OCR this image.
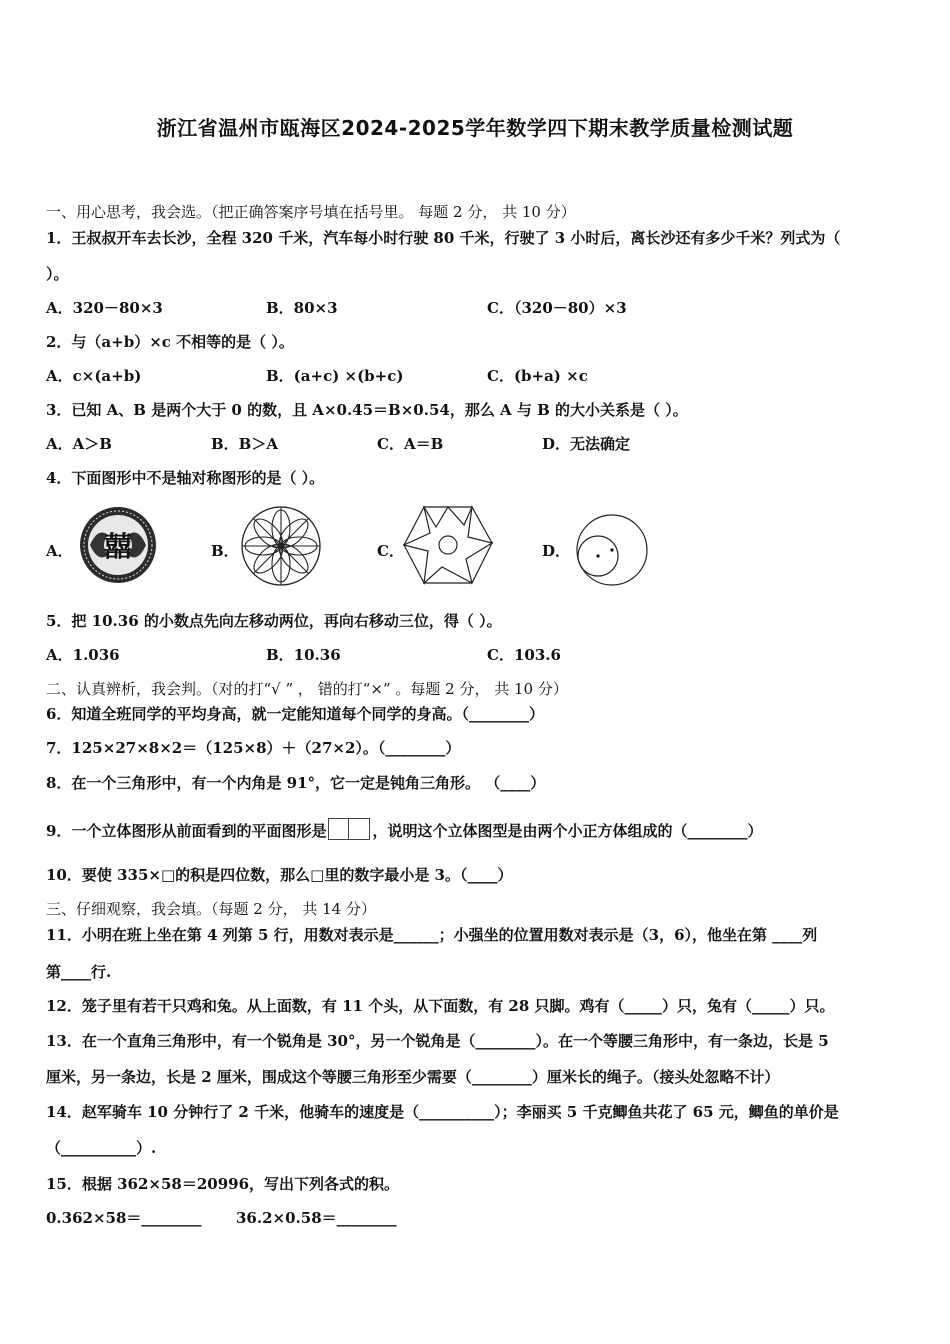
浙江省温州市瓯海区2024-2025学年数学四下期末教学质量检测试题
一、用心思考，我会选。（把正确答案序号填在括号里。 每题 2 分， 共 10 分）
1．王叔叔开车去长沙，全程 320 千米，汽车每小时行驶 80 千米，行驶了 3 小时后，离长沙还有多少千米？列式为（
）。
A．320－80×3	B．80×3	C．（320－80）×3
2．与（a+b）×c 不相等的是（ ）。
A．c×(a+b)	B．(a+c) ×(b+c)	C．(b+a) ×c
3．已知 A、B 是两个大于 0 的数，且 A×0.45＝B×0.54，那么 A 与 B 的大小关系是（ ）。
A．A＞B	B．B＞A	C．A＝B	D．无法确定
4．下面图形中不是轴对称图形的是（ ）。
A．	B．	C．	D．
囍
5．把 10.36 的小数点先向左移动两位，再向右移动三位，得（ ）。
A．1.036	B．10.36	C．103.6
二、认真辨析，我会判。（对的打“√ ” ， 错的打“×” 。每题 2 分， 共 10 分）
6．知道全班同学的平均身高，就一定能知道每个同学的身高。（________）
7．125×27×8×2＝（125×8）＋（27×2）。（________）
8．在一个三角形中，有一个内角是 91°，它一定是钝角三角形。 （____）
9．一个立体图形从前面看到的平面图形是	，说明这个立体图型是由两个小正方体组成的（________）
10．要使 335×□的积是四位数，那么□里的数字最小是 3。（____）
三、仔细观察，我会填。（每题 2 分， 共 14 分）
11．小明在班上坐在第 4 列第 5 行，用数对表示是______；小强坐的位置用数对表示是（3，6），他坐在第 ____列
第____行.
12．笼子里有若干只鸡和兔。从上面数，有 11 个头，从下面数，有 28 只脚。鸡有（_____）只，兔有（_____）只。
13．在一个直角三角形中，有一个锐角是 30°，另一个锐角是（________）。在一个等腰三角形中，有一条边，长是 5
厘米，另一条边，长是 2 厘米，围成这个等腰三角形至少需要（________）厘米长的绳子。（接头处忽略不计）
14．赵军骑车 10 分钟行了 2 千米，他骑车的速度是（__________）；李丽买 5 千克鲫鱼共花了 65 元，鲫鱼的单价是
（__________）.
15．根据 362×58＝20996，写出下列各式的积。
0.362×58＝________ 36.2×0.58＝________
